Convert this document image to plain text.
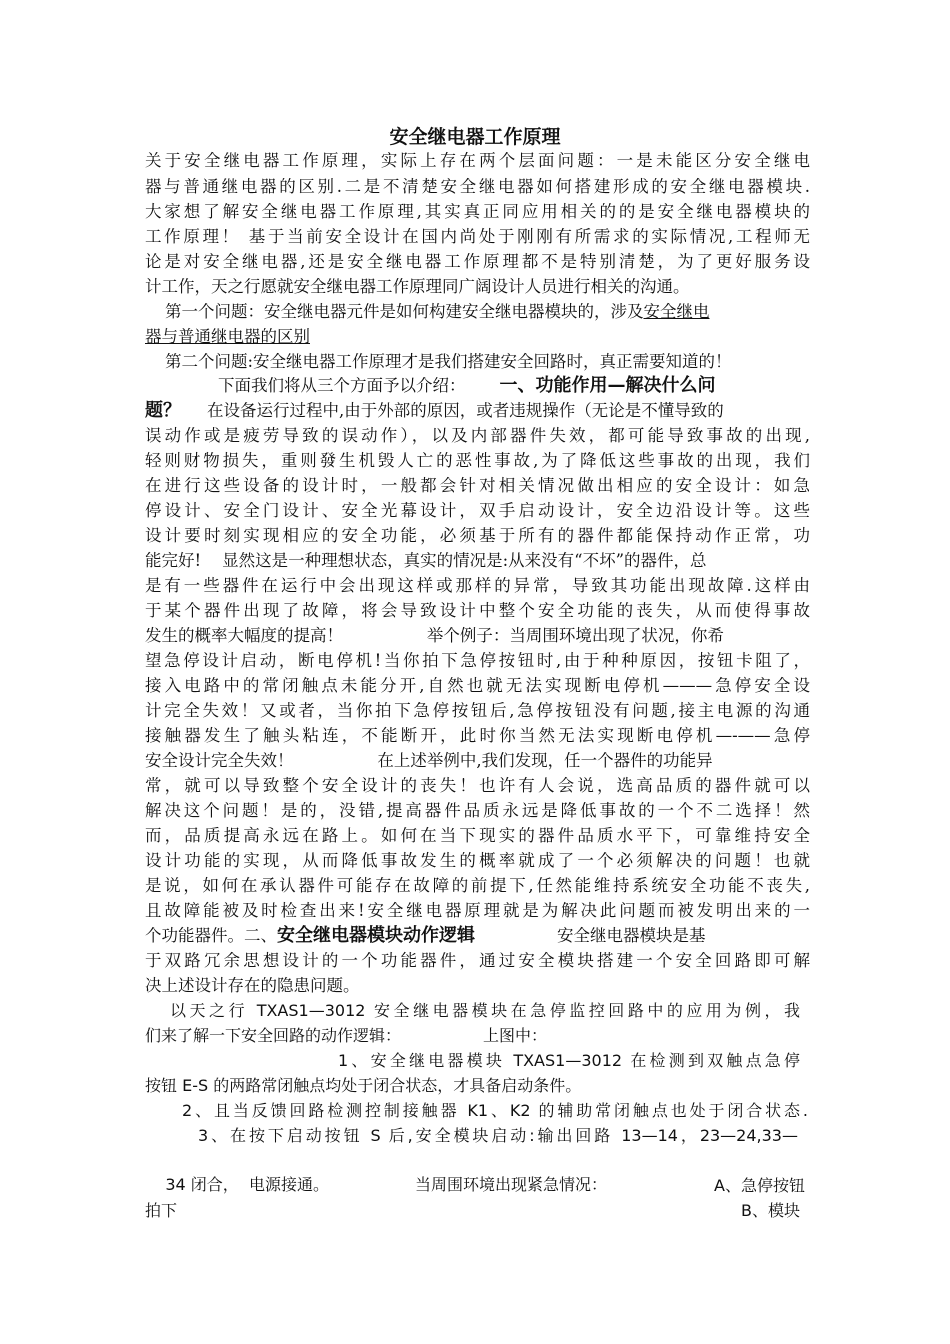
安全继电器工作原理
关于安全继电器工作原理，实际上存在两个层面问题：一是未能区分安全继电
器与普通继电器的区别.二是不清楚安全继电器如何搭建形成的安全继电器模块.
大家想了解安全继电器工作原理,其实真正同应用相关的的是安全继电器模块的
工作原理！ 基于当前安全设计在国内尚处于刚刚有所需求的实际情况,工程师无
论是对安全继电器,还是安全继电器工作原理都不是特别清楚，为了更好服务设
计工作，天之行愿就安全继电器工作原理同广阔设计人员进行相关的沟通。
第一个问题：安全继电器元件是如何构建安全继电器模块的，涉及安全继电
器与普通继电器的区别
第二个问题:安全继电器工作原理才是我们搭建安全回路时，真正需要知道的！
下面我们将从三个方面予以介绍： 一、功能作用—解决什么问
题？ 在设备运行过程中,由于外部的原因，或者违规操作（无论是不懂导致的
误动作或是疲劳导致的误动作），以及内部器件失效，都可能导致事故的出现,
轻则财物损失，重则發生机毁人亡的恶性事故,为了降低这些事故的出现，我们
在进行这些设备的设计时，一般都会针对相关情况做出相应的安全设计：如急
停设计、安全门设计、安全光幕设计，双手启动设计，安全边沿设计等。这些
设计要时刻实现相应的安全功能，必须基于所有的器件都能保持动作正常，功
能完好!    显然这是一种理想状态，真实的情况是:从来没有“不坏”的器件，总
是有一些器件在运行中会出现这样或那样的异常，导致其功能出现故障.这样由
于某个器件出现了故障，将会导致设计中整个安全功能的丧失，从而使得事故
发生的概率大幅度的提高！                举个例子：当周围环境出现了状况，你希
望急停设计启动，断电停机!当你拍下急停按钮时,由于种种原因，按钮卡阻了，
接入电路中的常闭触点未能分开,自然也就无法实现断电停机———急停安全设
计完全失效！又或者，当你拍下急停按钮后,急停按钮没有问题,接主电源的沟通
接触器发生了触头粘连，不能断开，此时你当然无法实现断电停机—-——急停
安全设计完全失效！                在上述举例中,我们发现，任一个器件的功能异
常，就可以导致整个安全设计的丧失！也许有人会说，选高品质的器件就可以
解决这个问题！是的，没错,提高器件品质永远是降低事故的一个不二选择！然
而，品质提高永远在路上。如何在当下现实的器件品质水平下，可靠维持安全
设计功能的实现，从而降低事故发生的概率就成了一个必须解决的问题！也就
是说，如何在承认器件可能存在故障的前提下,任然能维持系统安全功能不丧失,
且故障能被及时检查出来!安全继电器原理就是为解决此问题而被发明出来的一
个功能器件。二、安全继电器模块动作逻辑	安全继电器模块是基
于双路冗余思想设计的一个功能器件，通过安全模块搭建一个安全回路即可解
决上述设计存在的隐患问题。
以天之行 TXAS1—3012 安全继电器模块在急停监控回路中的应用为例，我
们来了解一下安全回路的动作逻辑：	上图中：
1、安全继电器模块 TXAS1—3012 在检测到双触点急停
按钮 E-S 的两路常闭触点均处于闭合状态，才具备启动条件。
2、且当反馈回路检测控制接触器 K1、K2 的辅助常闭触点也处于闭合状态.
3、在按下启动按钮 S 后,安全模块启动:输出回路 13—14，23—24,33—

34 闭合，  电源接通。	当周围环境出现紧急情况：
	A、急停按钮
拍下	B、模块
